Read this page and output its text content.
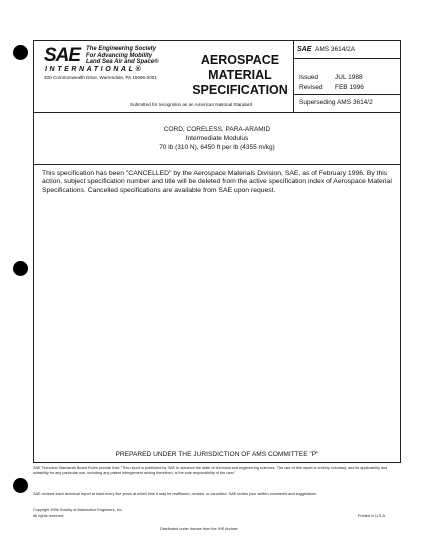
SAE The Engineering Society
For Advancing Mobility
Land Sea Air and Space®
INTERNATIONAL®
400 Commonwealth Drive, Warrendale, PA 15096-0001
AEROSPACE
MATERIAL
SPECIFICATION
Submitted for recognition as an American National Standard
SAE AMS 3614/2A
Issued	JUL 1988
Revised FEB 1996
Superseding AMS 3614/2
CORD, CORELESS, PARA-ARAMID
Intermediate Modulus
70 lb (310 N), 6450 ft per lb (4355 m/kg)
This specification has been "CANCELLED" by the Aerospace Materials Division, SAE, as of February 1996. By this action, subject specification number and title will be deleted from the active specification index of Aerospace Material Specifications. Cancelled specifications are available from SAE upon request.
PREPARED UNDER THE JURISDICTION OF AMS COMMITTEE "P"
SAE Technical Standards Board Rules provide that: "This report is published by SAE to advance the state of technical and engineering sciences. The use of this report is entirely voluntary, and its applicability and suitability for any particular use, including any patent infringement arising therefrom, is the sole responsibility of the user."
SAE reviews each technical report at least every five years at which time it may be reaffirmed, revised, or cancelled. SAE invites your written comments and suggestions.
Copyright 1996 Society of Automotive Engineers, Inc.
All rights reserved.	Printed in U.S.A.
Distributed under license from the IHS Archive
